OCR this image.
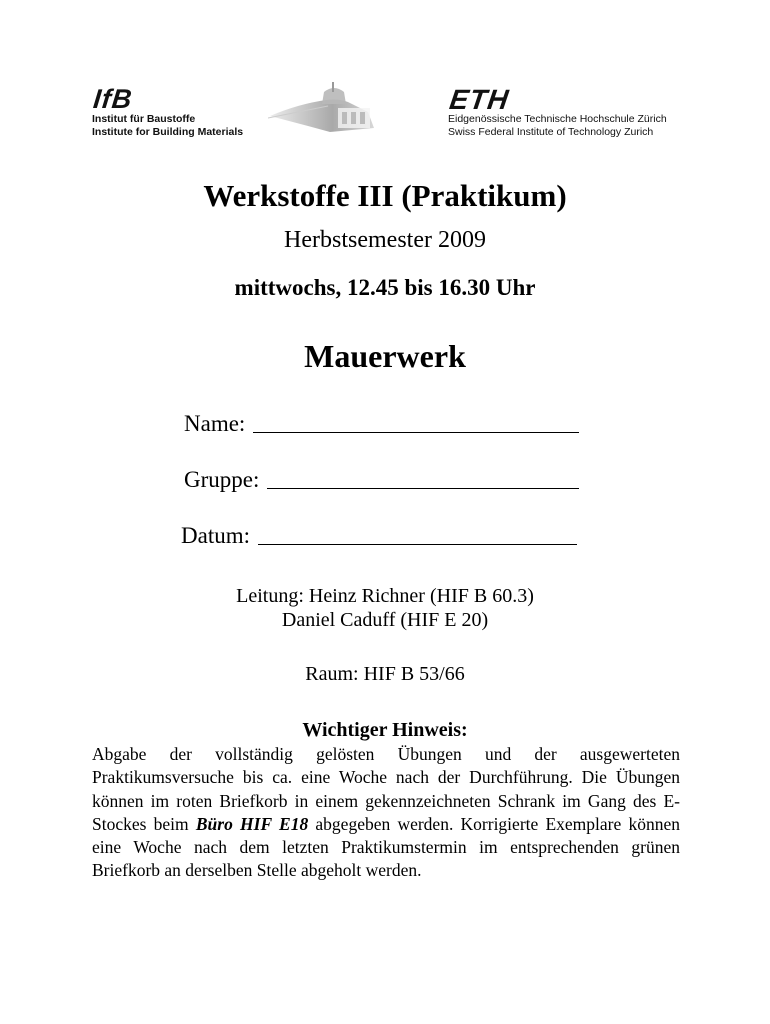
IfB
Institut für Baustoffe
Institute for Building Materials
ETH
Eidgenössische Technische Hochschule Zürich
Swiss Federal Institute of Technology Zurich
Werkstoffe III (Praktikum)
Herbstsemester 2009
mittwochs, 12.45 bis 16.30 Uhr
Mauerwerk
Name:
Gruppe:
Datum:
Leitung: Heinz Richner (HIF B 60.3)
Daniel Caduff (HIF E 20)
Raum: HIF B 53/66
Wichtiger Hinweis:
Abgabe der vollständig gelösten Übungen und der ausgewerteten Praktikumsversuche bis ca. eine Woche nach der Durchführung. Die Übungen können im roten Briefkorb in einem gekennzeichneten Schrank im Gang des E-Stockes beim Büro HIF E18 abgegeben werden. Korrigierte Exemplare können eine Woche nach dem letzten Praktikumstermin im entsprechenden grünen Briefkorb an derselben Stelle abgeholt werden.
